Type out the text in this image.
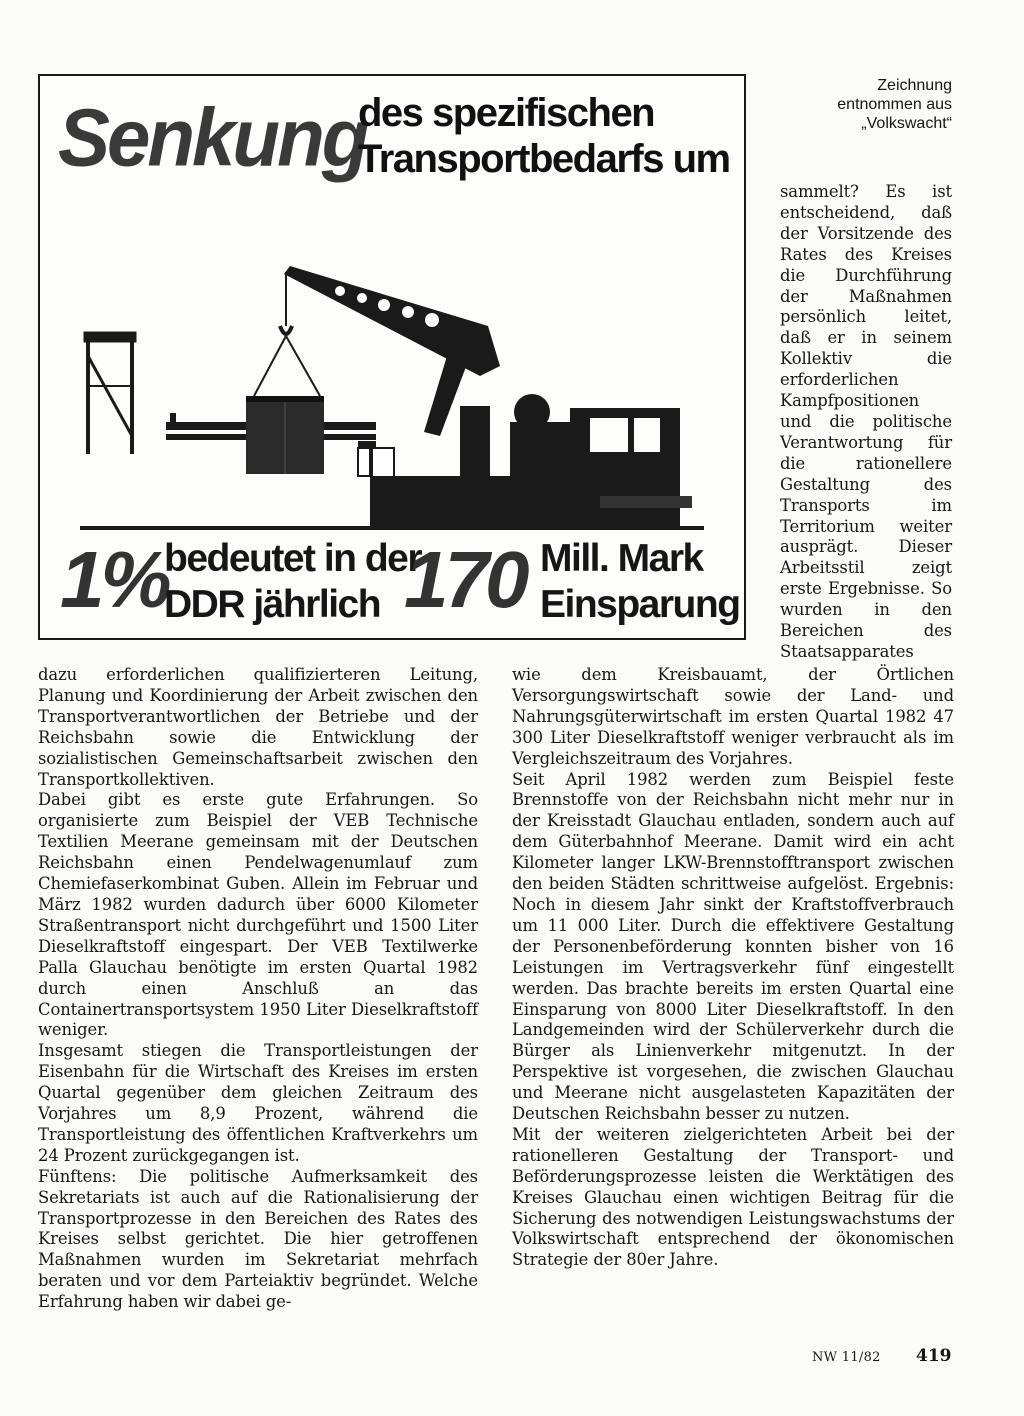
Senkung
des spezifischen
Transportbedarfs um
1%
bedeutet in der
DDR jährlich 170 Mill. Mark
Einsparung
Zeichnung
entnommen aus
„Volkswacht“

sammelt? Es ist entscheidend, daß der Vorsitzende des Rates des Kreises die Durchführung der Maßnahmen persönlich leitet, daß er in seinem Kollektiv die erforderlichen Kampfpositionen und die politische Verantwortung für die rationellere Gestaltung des Transports im Territorium weiter ausprägt. Dieser Arbeitsstil zeigt erste Ergebnisse. So wurden in den Bereichen des Staatsapparates

dazu erforderlichen qualifizierteren Leitung, Planung und Koordinierung der Arbeit zwischen den Transportverantwortlichen der Betriebe und der Reichsbahn sowie die Entwicklung der sozialistischen Gemeinschaftsarbeit zwischen den Transportkollektiven.

Dabei gibt es erste gute Erfahrungen. So organisierte zum Beispiel der VEB Technische Textilien Meerane gemeinsam mit der Deutschen Reichsbahn einen Pendelwagenumlauf zum Chemiefaserkombinat Guben. Allein im Februar und März 1982 wurden dadurch über 6000 Kilometer Straßentransport nicht durchgeführt und 1500 Liter Dieselkraftstoff eingespart. Der VEB Textilwerke Palla Glauchau benötigte im ersten Quartal 1982 durch einen Anschluß an das Containertransportsystem 1950 Liter Dieselkraftstoff weniger.

Insgesamt stiegen die Transportleistungen der Eisenbahn für die Wirtschaft des Kreises im ersten Quartal gegenüber dem gleichen Zeitraum des Vorjahres um 8,9 Prozent, während die Transportleistung des öffentlichen Kraftverkehrs um 24 Prozent zurückgegangen ist.

Fünftens: Die politische Aufmerksamkeit des Sekretariats ist auch auf die Rationalisierung der Transportprozesse in den Bereichen des Rates des Kreises selbst gerichtet. Die hier getroffenen Maßnahmen wurden im Sekretariat mehrfach beraten und vor dem Parteiaktiv begründet. Welche Erfahrung haben wir dabei ge-

wie dem Kreisbauamt, der Örtlichen Versorgungswirtschaft sowie der Land- und Nahrungsgüterwirtschaft im ersten Quartal 1982 47 300 Liter Dieselkraftstoff weniger verbraucht als im Vergleichszeitraum des Vorjahres.

Seit April 1982 werden zum Beispiel feste Brennstoffe von der Reichsbahn nicht mehr nur in der Kreisstadt Glauchau entladen, sondern auch auf dem Güterbahnhof Meerane. Damit wird ein acht Kilometer langer LKW-Brennstofftransport zwischen den beiden Städten schrittweise aufgelöst. Ergebnis: Noch in diesem Jahr sinkt der Kraftstoffverbrauch um 11 000 Liter. Durch die effektivere Gestaltung der Personenbeförderung konnten bisher von 16 Leistungen im Vertragsverkehr fünf eingestellt werden. Das brachte bereits im ersten Quartal eine Einsparung von 8000 Liter Dieselkraftstoff. In den Landgemeinden wird der Schülerverkehr durch die Bürger als Linienverkehr mitgenutzt. In der Perspektive ist vorgesehen, die zwischen Glauchau und Meerane nicht ausgelasteten Kapazitäten der Deutschen Reichsbahn besser zu nutzen.

Mit der weiteren zielgerichteten Arbeit bei der rationelleren Gestaltung der Transport- und Beförderungsprozesse leisten die Werktätigen des Kreises Glauchau einen wichtigen Beitrag für die Sicherung des notwendigen Leistungswachstums der Volkswirtschaft entsprechend der ökonomischen Strategie der 80er Jahre.

NW 11/82 419
